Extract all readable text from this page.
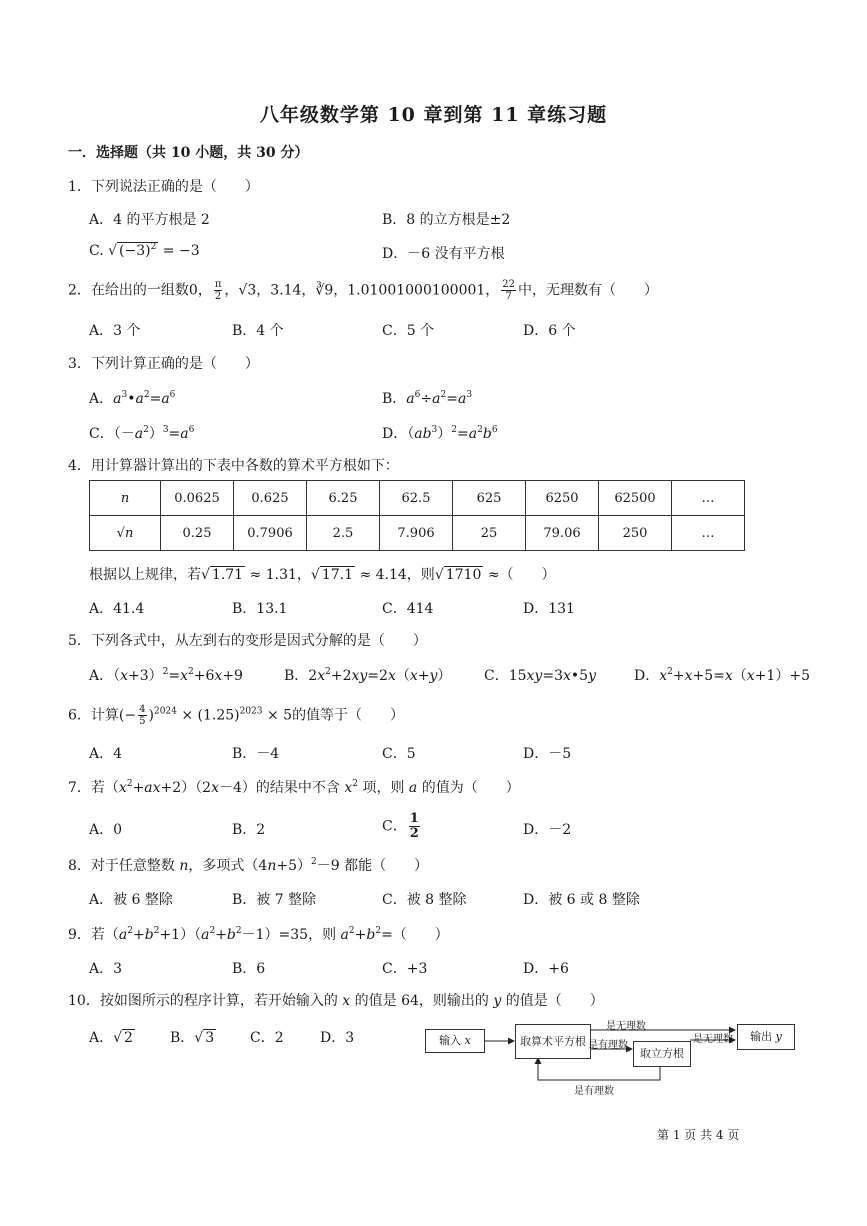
八年级数学第 10 章到第 11 章练习题
一．选择题（共 10 小题，共 30 分）
1．下列说法正确的是（　　）
A．4 的平方根是 2	B．8 的立方根是±2
C. √ $(-3)^2 = -3$	D．－6 没有平方根
2．在给出的一组数0， $\frac{\pi}{2}$ ，√3，3.14，∛9，1.01001000100001， $\frac{22}{7}$ 中，无理数有（　　）
A．3 个	B．4 个	C．5 个	D．6 个
3．下列计算正确的是（　　）
A．$a^3•a^2=a^6$	B．$a^6\div a^2=a^3$
C．$(-a^2)^3=a^6$	D．$(ab^3)^2=a^2b^6$
4．用计算器计算出的下表中各数的算术平方根如下：
n	0.0625	0.625	6.25	62.5	625	6250	62500	…
√n	0.25	0.7906	2.5	7.906	25	79.06	250	…
根据以上规律，若√ 1.71 ≈ 1.31，√ 17.1 ≈ 4.14，则√ 1710 ≈（　　）
A．41.4	B．13.1	C．414	D．131
5．下列各式中，从左到右的变形是因式分解的是（　　）
A．$(x+3)^2=x^2+6x+9$	B．$2x^2+2xy=2x(x+y)$ C．15xy=3x•5y	D．$x^2+x+5=x(x+1)+5$
6．计算(− $\frac{4}{5} )^{2024} \times (1.25)^{2023} \times 5$的值等于（　　）
A．4	B．－4	C．5	D．－5
7．若$(x^2+ax+2)(2x-4)$的结果中不含 $x^2$ 项，则 a 的值为（　　）
A．0	B．2	C． $\frac{1}{2}$	D．－2
8．对于任意整数 n，多项式$(4n+5)^2-9$ 都能（　　）
A．被 6 整除	B．被 7 整除	C．被 8 整除	D．被 6 或 8 整除
9．若$(a^2+b^2+1)(a^2+b^2-1)=35$，则 $a^2+b^2=$（　　）
A．3	B．6	C．+3	D．+6
10．按如图所示的程序计算，若开始输入的 x 的值是 64，则输出的 y 的值是（　　）
A．√ 2	B．√ 3	C．2	D．3	输入 x	取算术平方根
取立方根
输出 y
是无理数
是有理数
是无理数
是有理数
第 1 页 共 4 页
